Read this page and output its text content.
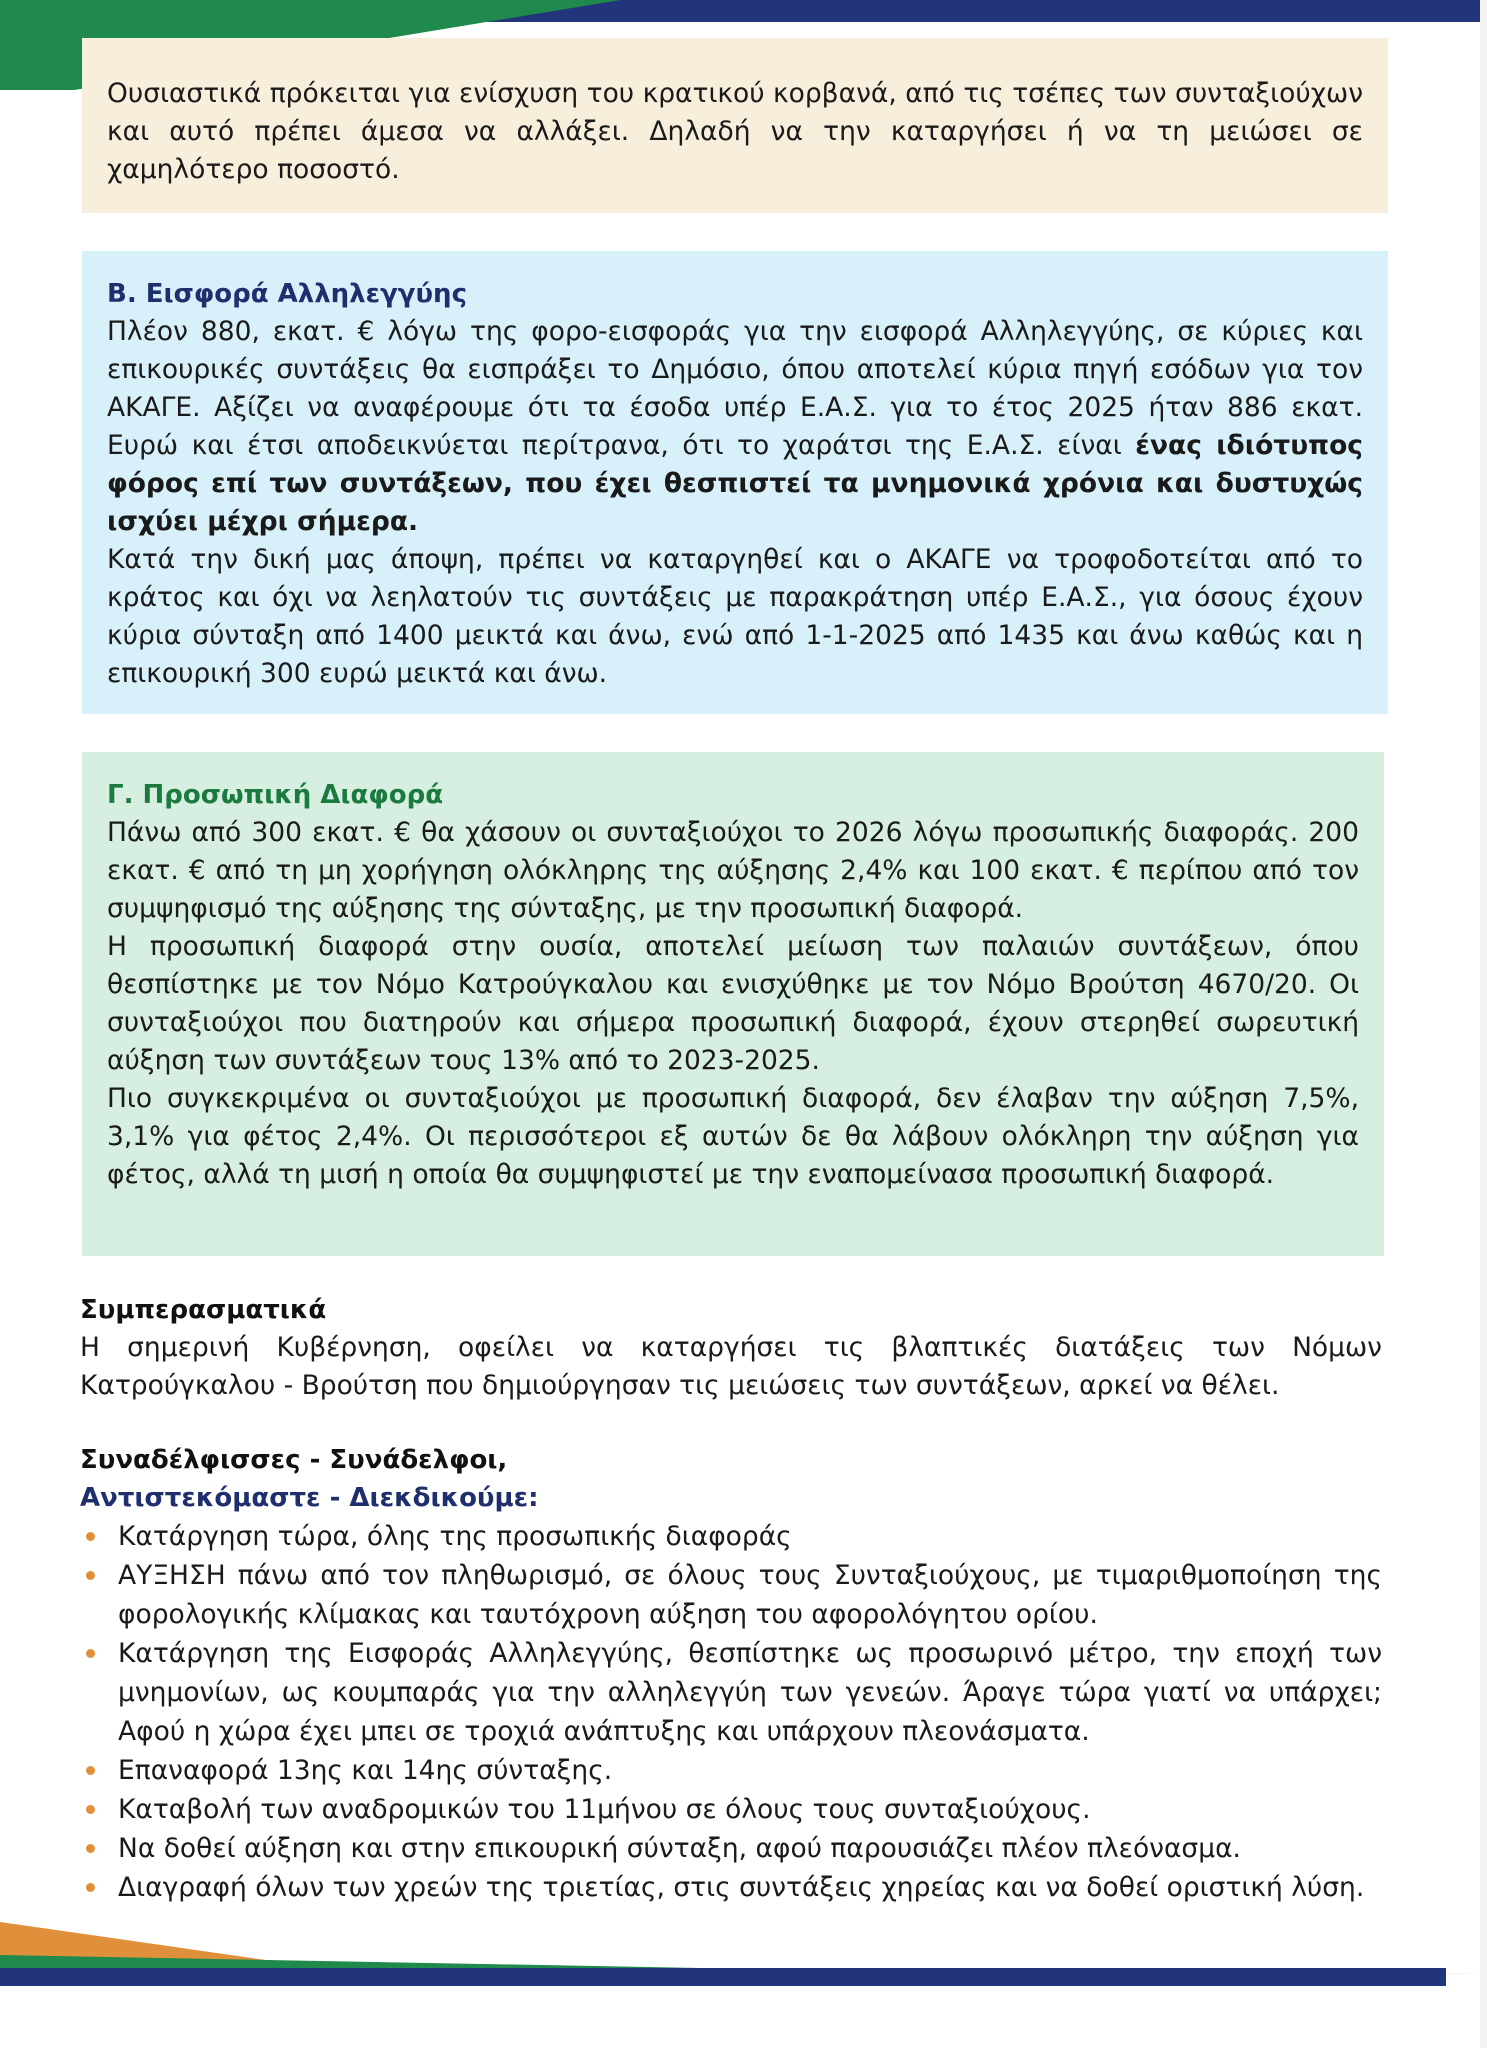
Ουσιαστικά πρόκειται για ενίσχυση του κρατικού κορβανά, από τις τσέπες των συνταξιούχων και αυτό πρέπει άμεσα να αλλάξει. Δηλαδή να την καταργήσει ή να τη μειώσει σε χαμηλότερο ποσοστό.

Β. Εισφορά Αλληλεγγύης

Πλέον 880, εκατ. € λόγω της φορο-εισφοράς για την εισφορά Αλληλεγγύης, σε κύριες και επικουρικές συντάξεις θα εισπράξει το Δημόσιο, όπου αποτελεί κύρια πηγή εσόδων για τον ΑΚΑΓΕ. Αξίζει να αναφέρουμε ότι τα έσοδα υπέρ Ε.Α.Σ. για το έτος 2025 ήταν 886 εκατ. Ευρώ και έτσι αποδεικνύεται περίτρανα, ότι το χαράτσι της Ε.Α.Σ. είναι ένας ιδιότυπος φόρος επί των συντάξεων, που έχει θεσπιστεί τα μνημονικά χρόνια και δυστυχώς ισχύει μέχρι σήμερα.

Κατά την δική μας άποψη, πρέπει να καταργηθεί και ο ΑΚΑΓΕ να τροφοδοτείται από το κράτος και όχι να λεηλατούν τις συντάξεις με παρακράτηση υπέρ Ε.Α.Σ., για όσους έχουν κύρια σύνταξη από 1400 μεικτά και άνω, ενώ από 1-1-2025 από 1435 και άνω καθώς και η επικουρική 300 ευρώ μεικτά και άνω.

Γ. Προσωπική Διαφορά

Πάνω από 300 εκατ. € θα χάσουν οι συνταξιούχοι το 2026 λόγω προσωπικής διαφοράς. 200 εκατ. € από τη μη χορήγηση ολόκληρης της αύξησης 2,4% και 100 εκατ. € περίπου από τον συμψηφισμό της αύξησης της σύνταξης, με την προσωπική διαφορά.

Η προσωπική διαφορά στην ουσία, αποτελεί μείωση των παλαιών συντάξεων, όπου θεσπίστηκε με τον Νόμο Κατρούγκαλου και ενισχύθηκε με τον Νόμο Βρούτση 4670/20. Οι συνταξιούχοι που διατηρούν και σήμερα προσωπική διαφορά, έχουν στερηθεί σωρευτική αύξηση των συντάξεων τους 13% από το 2023-2025.

Πιο συγκεκριμένα οι συνταξιούχοι με προσωπική διαφορά, δεν έλαβαν την αύξηση 7,5%, 3,1% για φέτος 2,4%. Οι περισσότεροι εξ αυτών δε θα λάβουν ολόκληρη την αύξηση για φέτος, αλλά τη μισή η οποία θα συμψηφιστεί με την εναπομείνασα προσωπική διαφορά.

Συμπερασματικά

Η σημερινή Κυβέρνηση, οφείλει να καταργήσει τις βλαπτικές διατάξεις των Νόμων Κατρούγκαλου - Βρούτση που δημιούργησαν τις μειώσεις των συντάξεων, αρκεί να θέλει.

Συναδέλφισσες - Συνάδελφοι,

Αντιστεκόμαστε - Διεκδικούμε:

Κατάργηση τώρα, όλης της προσωπικής διαφοράς
ΑΥΞΗΣΗ πάνω από τον πληθωρισμό, σε όλους τους Συνταξιούχους, με τιμαριθμοποίηση της φορολογικής κλίμακας και ταυτόχρονη αύξηση του αφορολόγητου ορίου.
Κατάργηση της Εισφοράς Αλληλεγγύης, θεσπίστηκε ως προσωρινό μέτρο, την εποχή των μνημονίων, ως κουμπαράς για την αλληλεγγύη των γενεών. Άραγε τώρα γιατί να υπάρχει; Αφού η χώρα έχει μπει σε τροχιά ανάπτυξης και υπάρχουν πλεονάσματα.
Επαναφορά 13ης και 14ης σύνταξης.
Καταβολή των αναδρομικών του 11μήνου σε όλους τους συνταξιούχους.
Να δοθεί αύξηση και στην επικουρική σύνταξη, αφού παρουσιάζει πλέον πλεόνασμα.
Διαγραφή όλων των χρεών της τριετίας, στις συντάξεις χηρείας και να δοθεί οριστική λύση.
